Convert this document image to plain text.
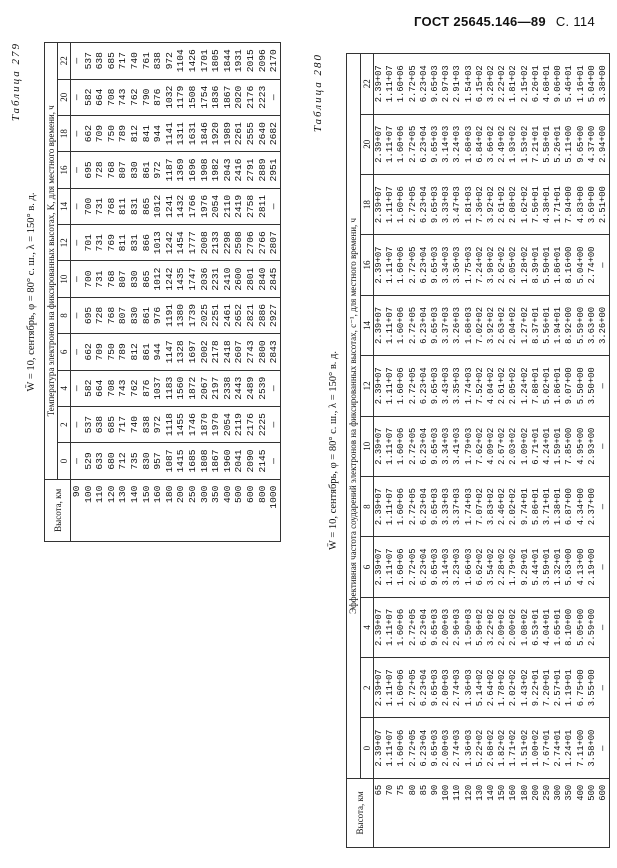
ГОСТ 25645.146—89 С. 114
Таблица 279
W̄ = 10, сентябрь, φ = 80° с. ш., λ = 150° в. д.
Высота, км	Температура электронов на фиксированных высотах, K, для местного времени, ч											
	0	2	4	6	8	10	12	14	16	18	20	22
90	—	—	—	—	—	—	—	—	—	—	—	—
100	529	537	582	662	695	700	701	700	695	662	582	537
110	633	638	664	709	728	731	731	731	728	709	664	638
120	680	685	708	750	768	768	769	768	768	750	708	685
130	712	717	743	789	807	807	811	811	807	789	743	717
140	735	740	762	812	830	830	831	831	830	812	762	740
150	830	838	876	861	861	865	866	865	861	841	790	761
160	957	972	1037	944	976	1012	1013	1012	972	944	876	838
180	1087	1118	1183	1147	1191	1242	1242	1241	1187	1141	1032	972
200	1415	1455	1560	1328	1380	1435	1454	1432	1369	1311	1179	1104
250	1685	1746	1872	1697	1739	1747	1777	1766	1696	1631	1508	1426
300	1808	1870	2067	2002	2025	2036	2008	1976	1908	1846	1754	1701
350	1867	1970	2197	2178	2251	2231	2133	2054	1982	1920	1836	1805
400	1960	2054	2338	2418	2461	2410	2298	2110	2043	1989	1867	1844
500	2041	2119	2443	2607	2652	2600	2508	2419	2416	2261	2020	1931
600	2090	2176	2489	2743	2821	2801	2706	2758	2791	2555	2176	2015
800	2145	2225	2539	2800	2886	2840	2766	2811	2889	2640	2223	2096
1000	—	—	—	2843	2927	2845	2807	—	2951	2682	—	2170	Таблица 280
W̄ = 10, сентябрь, φ = 80° с. ш., λ = 150° в. д.
Высота, км	Эффективная частота соударений электронов на фиксированных высотах, с⁻¹, для местного времени, ч											
	0	2	4	6	8	10	12	14	16	18	20	22
65	2.39+07	2.39+07	2.39+07	2.39+07	2.39+07	2.39+07	2.39+07	2.39+07	2.39+07	2.39+07	2.39+07	2.39+07
70	1.11+07	1.11+07	1.11+07	1.11+07	1.11+07	1.11+07	1.11+07	1.11+07	1.11+07	1.11+07	1.11+07	1.11+07
75	1.60+06	1.60+06	1.60+06	1.60+06	1.60+06	1.60+06	1.60+06	1.60+06	1.60+06	1.60+06	1.60+06	1.60+06
80	2.72+05	2.72+05	2.72+05	2.72+05	2.72+05	2.72+05	2.72+05	2.72+05	2.72+05	2.72+05	2.72+05	2.72+05
85	6.23+04	6.23+04	6.23+04	6.23+04	6.23+04	6.23+04	6.23+04	6.23+04	6.23+04	6.23+04	6.23+04	6.23+04
90	9.65+03	9.65+03	9.65+03	9.65+03	9.65+03	9.65+03	9.65+03	9.65+03	9.65+03	9.65+03	9.65+03	9.65+03
100	2.00+03	2.00+03	2.00+03	3.14+03	3.33+03	3.34+03	3.43+03	3.37+03	3.34+03	3.33+03	3.14+03	2.97+03
110	2.74+03	2.74+03	2.96+03	3.23+03	3.37+03	3.41+03	3.35+03	3.26+03	3.36+03	3.47+03	3.24+03	2.91+03
120	1.36+03	1.36+03	1.50+03	1.66+03	1.74+03	1.79+03	1.74+03	1.68+03	1.75+03	1.81+03	1.68+03	1.54+03
130	5.22+02	5.14+02	5.96+02	6.62+02	7.07+02	7.62+02	7.52+02	7.02+02	7.24+02	7.36+02	6.84+02	6.15+02
140	2.68+02	2.64+02	3.22+02	3.54+02	3.83+02	4.09+02	4.04+02	3.92+02	3.98+02	3.92+02	3.66+02	3.28+02
150	1.82+02	1.78+02	2.09+02	2.28+02	2.46+02	2.67+02	2.61+02	2.63+02	2.62+02	2.61+02	2.49+02	2.22+02
160	1.71+02	2.02+02	2.00+02	1.79+02	2.02+02	2.03+02	2.05+02	2.04+02	2.05+02	2.08+02	1.93+02	1.81+02
180	1.51+02	1.43+02	1.08+02	9.29+01	9.74+01	1.09+02	1.24+02	1.27+02	1.28+02	1.62+02	1.53+02	2.15+02
200	1.00+02	9.22+01	6.53+01	5.44+01	5.86+01	6.71+01	7.88+01	8.37+01	8.39+01	7.56+01	7.21+01	6.26+01
250	7.67+01	7.20+01	4.04+01	3.59+01	3.71+01	4.24+01	5.02+01	5.56+01	5.50+01	4.38+01	5.58+01	4.68+01
300	2.74+01	2.57+01	1.65+01	1.32+01	1.38+01	1.59+01	1.86+01	1.94+01	1.86+01	1.71+01	5.26+01	9.06+00
350	1.24+01	1.19+01	8.10+00	5.63+00	6.87+00	7.85+00	9.07+00	8.92+00	8.16+00	7.94+00	5.11+00	5.46+01
400	7.11+00	6.75+00	5.05+00	4.13+00	4.34+00	4.95+00	5.50+00	5.59+00	5.04+00	4.83+00	9.65+00	1.16+01
500	3.58+00	3.55+00	2.59+00	2.19+00	2.37+00	2.93+00	3.50+00	3.63+00	2.74+00	3.69+00	4.37+00	5.04+00
600	—	—	—	—	—	—	—	3.26+00	—	2.51+00	2.94+00	3.38+00
